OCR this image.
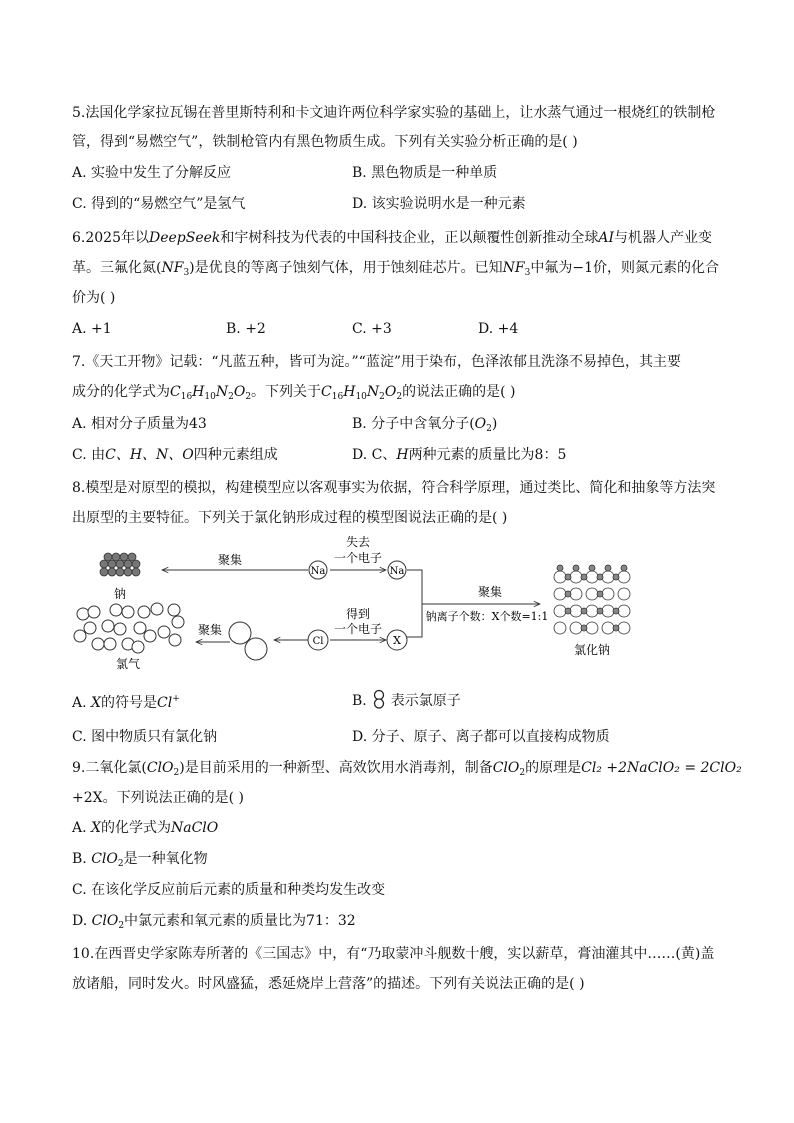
5.法国化学家拉瓦锡在普里斯特利和卡文迪许两位科学家实验的基础上，让水蒸气通过一根烧红的铁制枪
管，得到“易燃空气”，铁制枪管内有黑色物质生成。下列有关实验分析正确的是( )
A. 实验中发生了分解反应	B. 黑色物质是一种单质
C. 得到的“易燃空气”是氢气	D. 该实验说明水是一种元素
6.2025年以DeepSeek和宇树科技为代表的中国科技企业，正以颠覆性创新推动全球AI与机器人产业变
革。三氟化氮$(NF_3)$是优良的等离子蚀刻气体，用于蚀刻硅芯片。已知$NF_3$中氟为−1价，则氮元素的化合
价为( )
A. +1	B. +2	C. +3	D. +4
7.《天工开物》记载：“凡蓝五种，皆可为淀。”“蓝淀”用于染布，色泽浓郁且洗涤不易掉色，其主要
成分的化学式为$C_{16}H_{10}N_2O_2$。下列关于$C_{16}H_{10}N_2O_2$的说法正确的是( )
A. 相对分子质量为43	B. 分子中含氧分子$(O_2)$
C. 由C、H、N、O四种元素组成	D. C、H两种元素的质量比为8：5
8.模型是对原型的模拟，构建模型应以客观事实为依据，符合科学原理，通过类比、简化和抽象等方法突
出原型的主要特征。下列关于氯化钠形成过程的模型图说法正确的是( )
钠
聚集
Na
失去
一个电子
Na
聚集
钠离子个数：X个数=1:1
氯气
聚集
Cl
得到
一个电子
X
氯化钠
A. X的符号是Cl+	B. 表示氯原子
C. 图中物质只有氯化钠	D. 分子、原子、离子都可以直接构成物质
9.二氧化氯(ClO$_2$)是目前采用的一种新型、高效饮用水消毒剂，制备ClO$_2$的原理是Cl₂ +2NaClO₂ = 2ClO₂
+2X。下列说法正确的是( )
A. X的化学式为NaClO
B. ClO$_2$是一种氧化物
C. 在该化学反应前后元素的质量和种类均发生改变
D. ClO$_2$中氯元素和氧元素的质量比为71：32
10.在西晋史学家陈寿所著的《三国志》中，有“乃取蒙冲斗舰数十艘，实以薪草，膏油灌其中……(黄)盖
放诸船，同时发火。时风盛猛，悉延烧岸上营落”的描述。下列有关说法正确的是( )
